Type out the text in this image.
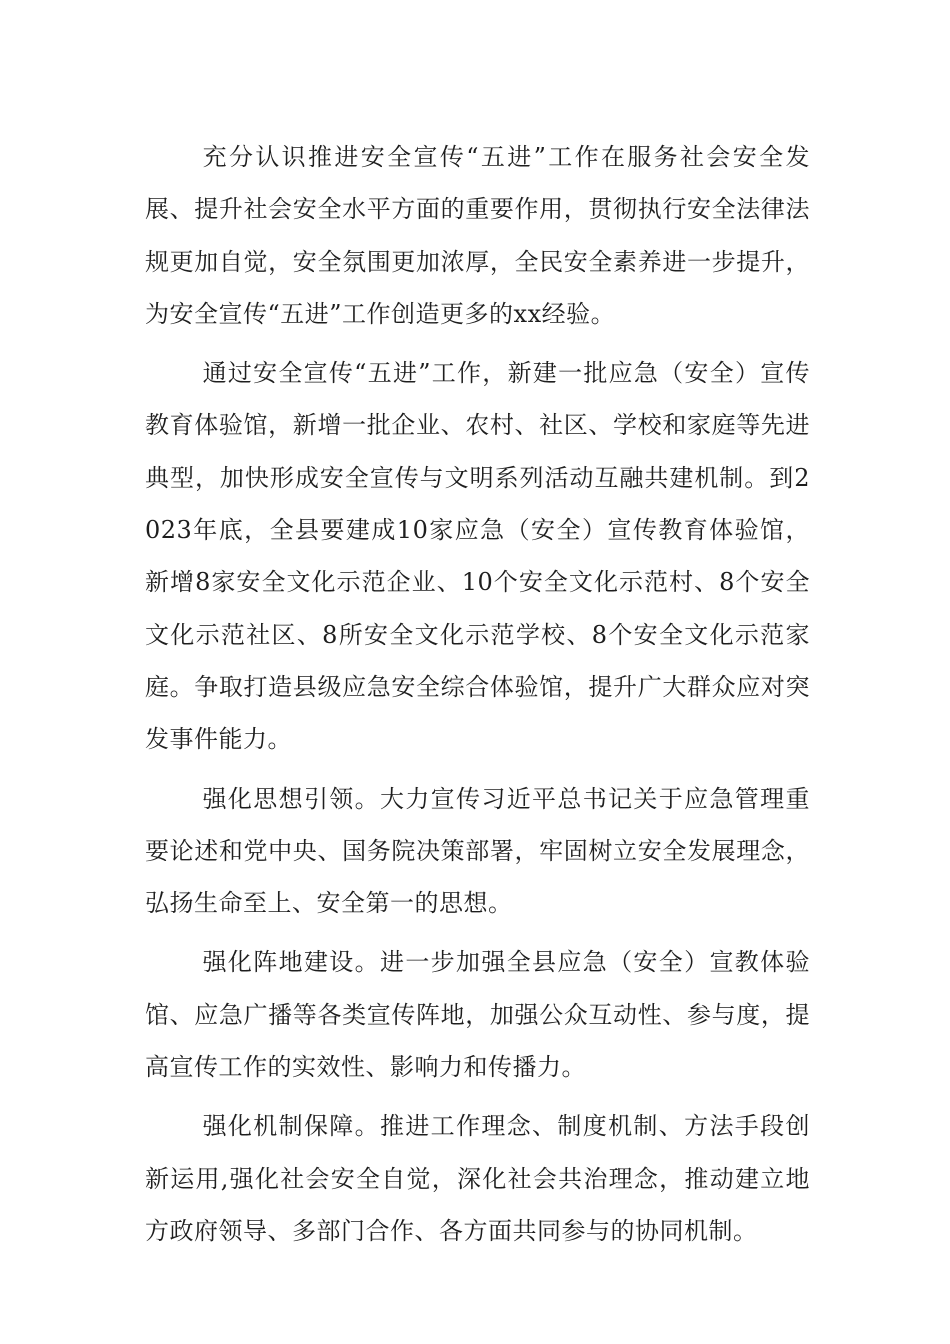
充分认识推进安全宣传“五进”工作在服务社会安全发展、提升社会安全水平方面的重要作用，贯彻执行安全法律法规更加自觉，安全氛围更加浓厚，全民安全素养进一步提升，为安全宣传“五进”工作创造更多的xx经验。

通过安全宣传“五进”工作，新建一批应急（安全）宣传教育体验馆，新增一批企业、农村、社区、学校和家庭等先进典型，加快形成安全宣传与文明系列活动互融共建机制。到2023年底，全县要建成10家应急（安全）宣传教育体验馆，新增8家安全文化示范企业、10个安全文化示范村、8个安全文化示范社区、8所安全文化示范学校、8个安全文化示范家庭。争取打造县级应急安全综合体验馆，提升广大群众应对突发事件能力。

强化思想引领。大力宣传习近平总书记关于应急管理重要论述和党中央、国务院决策部署，牢固树立安全发展理念，弘扬生命至上、安全第一的思想。

强化阵地建设。进一步加强全县应急（安全）宣教体验馆、应急广播等各类宣传阵地，加强公众互动性、参与度，提高宣传工作的实效性、影响力和传播力。

强化机制保障。推进工作理念、制度机制、方法手段创新运用,强化社会安全自觉，深化社会共治理念，推动建立地方政府领导、多部门合作、各方面共同参与的协同机制。
